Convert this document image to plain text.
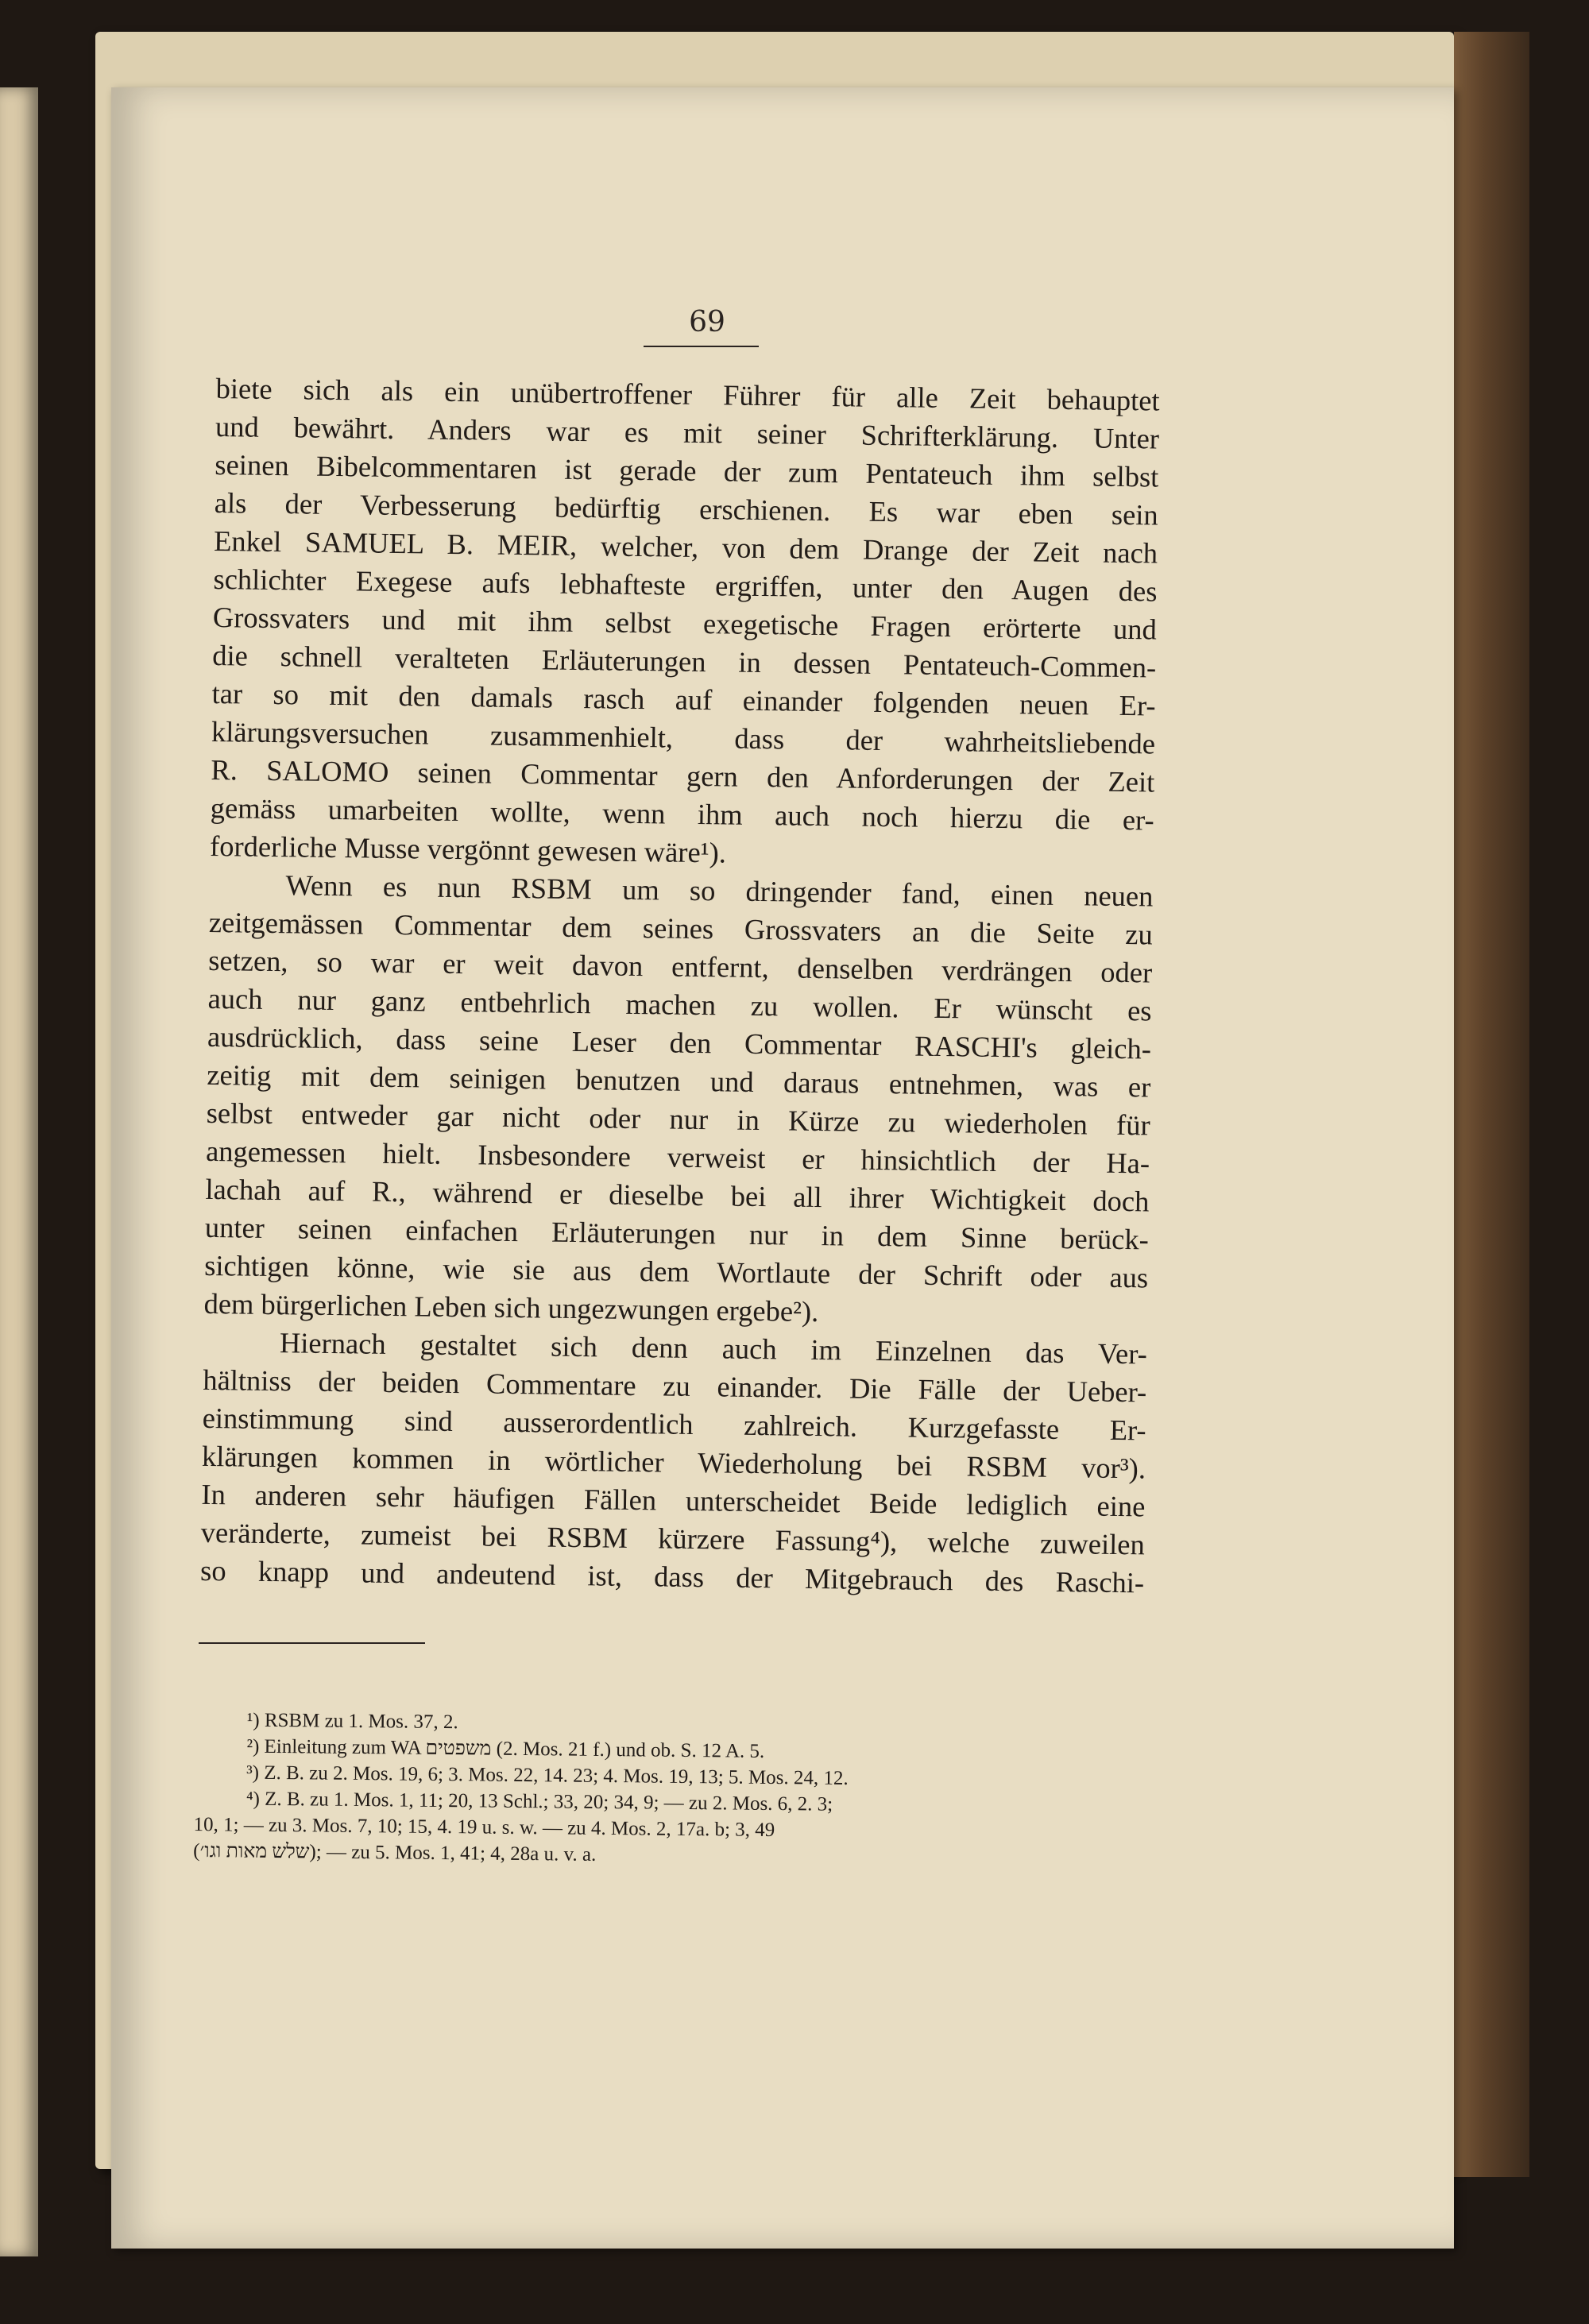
69
biete sich als ein unübertroffener Führer für alle Zeit behauptet
und bewährt. Anders war es mit seiner Schrifterklärung. Unter
seinen Bibelcommentaren ist gerade der zum Pentateuch ihm selbst
als der Verbesserung bedürftig erschienen. Es war eben sein
Enkel SAMUEL B. MEIR, welcher, von dem Drange der Zeit nach
schlichter Exegese aufs lebhafteste ergriffen, unter den Augen des
Grossvaters und mit ihm selbst exegetische Fragen erörterte und
die schnell veralteten Erläuterungen in dessen Pentateuch-Commen-
tar so mit den damals rasch auf einander folgenden neuen Er-
klärungsversuchen zusammenhielt, dass der wahrheitsliebende
R. SALOMO seinen Commentar gern den Anforderungen der Zeit
gemäss umarbeiten wollte, wenn ihm auch noch hierzu die er-
forderliche Musse vergönnt gewesen wäre¹).
Wenn es nun RSBM um so dringender fand, einen neuen
zeitgemässen Commentar dem seines Grossvaters an die Seite zu
setzen, so war er weit davon entfernt, denselben verdrängen oder
auch nur ganz entbehrlich machen zu wollen. Er wünscht es
ausdrücklich, dass seine Leser den Commentar RASCHI's gleich-
zeitig mit dem seinigen benutzen und daraus entnehmen, was er
selbst entweder gar nicht oder nur in Kürze zu wiederholen für
angemessen hielt. Insbesondere verweist er hinsichtlich der Ha-
lachah auf R., während er dieselbe bei all ihrer Wichtigkeit doch
unter seinen einfachen Erläuterungen nur in dem Sinne berück-
sichtigen könne, wie sie aus dem Wortlaute der Schrift oder aus
dem bürgerlichen Leben sich ungezwungen ergebe²).
Hiernach gestaltet sich denn auch im Einzelnen das Ver-
hältniss der beiden Commentare zu einander. Die Fälle der Ueber-
einstimmung sind ausserordentlich zahlreich. Kurzgefasste Er-
klärungen kommen in wörtlicher Wiederholung bei RSBM vor³).
In anderen sehr häufigen Fällen unterscheidet Beide lediglich eine
veränderte, zumeist bei RSBM kürzere Fassung⁴), welche zuweilen
so knapp und andeutend ist, dass der Mitgebrauch des Raschi-
¹) RSBM zu 1. Mos. 37, 2.
²) Einleitung zum WA משפטים (2. Mos. 21 f.) und ob. S. 12 A. 5.
³) Z. B. zu 2. Mos. 19, 6; 3. Mos. 22, 14. 23; 4. Mos. 19, 13; 5. Mos. 24, 12.
⁴) Z. B. zu 1. Mos. 1, 11; 20, 13 Schl.; 33, 20; 34, 9; — zu 2. Mos. 6, 2. 3;
10, 1; — zu 3. Mos. 7, 10; 15, 4. 19 u. s. w. — zu 4. Mos. 2, 17a. b; 3, 49
(שלש מאות וגו׳); — zu 5. Mos. 1, 41; 4, 28a u. v. a.
